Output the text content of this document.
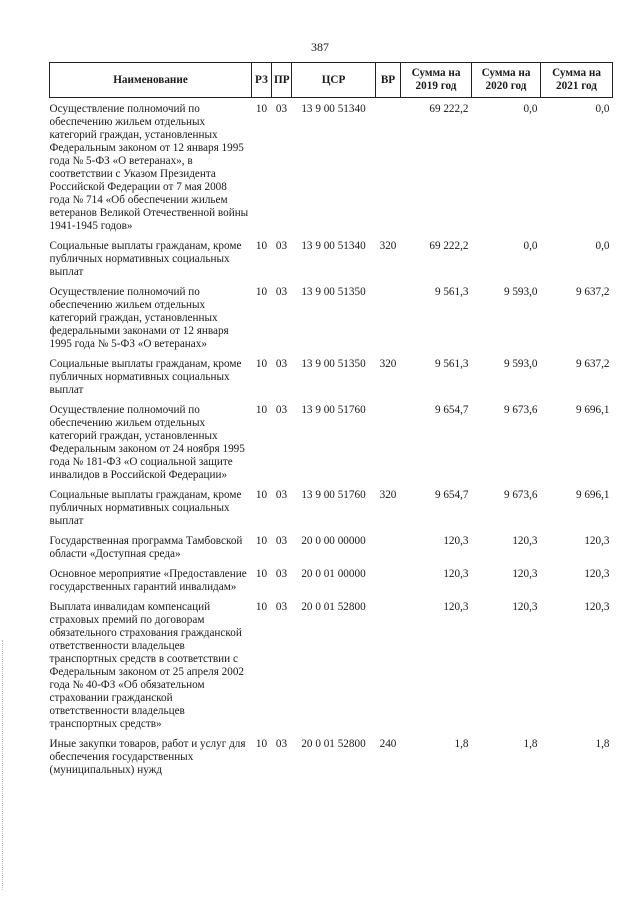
387
Наименование	РЗ	ПР	ЦСР	ВР	Сумма на 2019 год	Сумма на 2020 год	Сумма на 2021 год

Осуществление полномочий по обеспечению жильем отдельных категорий граждан, установленных Федеральным законом от 12 января 1995 года № 5-ФЗ «О ветеранах», в соответствии с Указом Президента Российской Федерации от 7 мая 2008 года № 714 «Об обеспечении жильем ветеранов Великой Отечественной войны 1941-1945 годов»	10	03	13 9 00 51340		69 222,2	0,0	0,0

Социальные выплаты гражданам, кроме публичных нормативных социальных выплат	10	03	13 9 00 51340	320	69 222,2	0,0	0,0

Осуществление полномочий по обеспечению жильем отдельных категорий граждан, установленных федеральными законами от 12 января 1995 года № 5-ФЗ «О ветеранах»	10	03	13 9 00 51350		9 561,3	9 593,0	9 637,2

Социальные выплаты гражданам, кроме публичных нормативных социальных выплат	10	03	13 9 00 51350	320	9 561,3	9 593,0	9 637,2

Осуществление полномочий по обеспечению жильем отдельных категорий граждан, установленных Федеральным законом от 24 ноября 1995 года № 181-ФЗ «О социальной защите инвалидов в Российской Федерации»	10	03	13 9 00 51760		9 654,7	9 673,6	9 696,1

Социальные выплаты гражданам, кроме публичных нормативных социальных выплат	10	03	13 9 00 51760	320	9 654,7	9 673,6	9 696,1

Государственная программа Тамбовской области «Доступная среда»	10	03	20 0 00 00000		120,3	120,3	120,3

Основное мероприятие «Предоставление государственных гарантий инвалидам»	10	03	20 0 01 00000		120,3	120,3	120,3

Выплата инвалидам компенсаций страховых премий по договорам обязательного страхования гражданской ответственности владельцев транспортных средств в соответствии с Федеральным законом от 25 апреля 2002 года № 40-ФЗ «Об обязательном страховании гражданской ответственности владельцев транспортных средств»	10	03	20 0 01 52800		120,3	120,3	120,3

Иные закупки товаров, работ и услуг для обеспечения государственных (муниципальных) нужд	10	03	20 0 01 52800	240	1,8	1,8	1,8
